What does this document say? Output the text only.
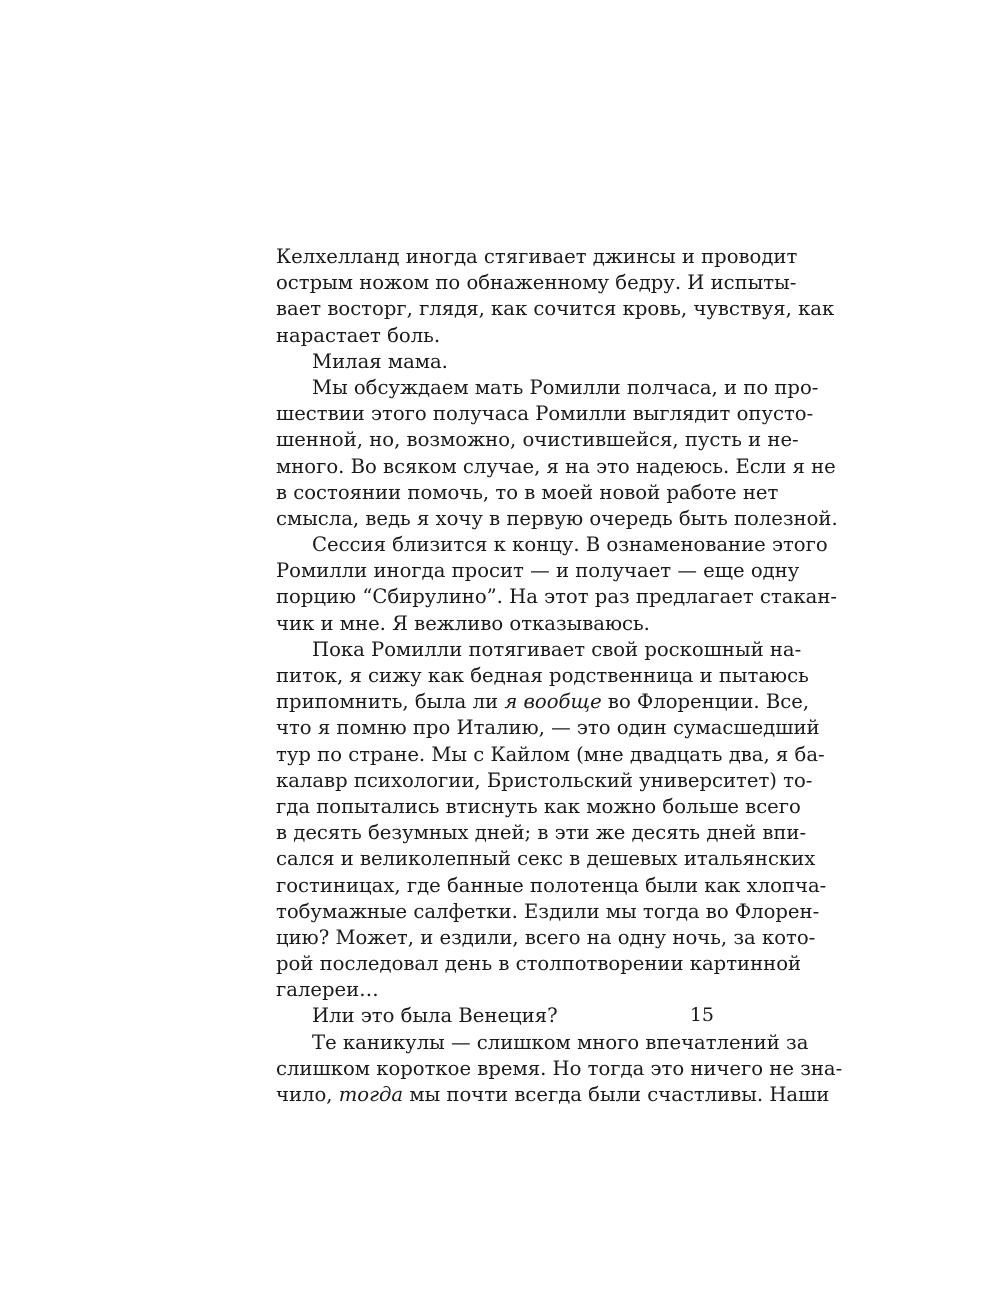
Келхелланд иногда стягивает джинсы и проводит
острым ножом по обнаженному бедру. И испыты-
вает восторг, глядя, как сочится кровь, чувствуя, как
нарастает боль.
Милая мама.
Мы обсуждаем мать Ромилли полчаса, и по про-
шествии этого получаса Ромилли выглядит опусто-
шенной, но, возможно, очистившейся, пусть и не-
много. Во всяком случае, я на это надеюсь. Если я не
в состоянии помочь, то в моей новой работе нет
смысла, ведь я хочу в первую очередь быть полезной.
Сессия близится к концу. В ознаменование этого
Ромилли иногда просит — и получает — еще одну
порцию “Сбирулино”. На этот раз предлагает стакан-
чик и мне. Я вежливо отказываюсь.
Пока Ромилли потягивает свой роскошный на-
питок, я сижу как бедная родственница и пытаюсь
припомнить, была ли я вообще во Флоренции. Все,
что я помню про Италию, — это один сумасшедший
тур по стране. Мы с Кайлом (мне двадцать два, я ба-
калавр психологии, Бристольский университет) то-
гда попытались втиснуть как можно больше всего
в десять безумных дней; в эти же десять дней впи-
сался и великолепный секс в дешевых итальянских
гостиницах, где банные полотенца были как хлопча-
тобумажные салфетки. Ездили мы тогда во Флорен-
цию? Может, и ездили, всего на одну ночь, за кото-
рой последовал день в столпотворении картинной
галереи…
Или это была Венеция?
Те каникулы — слишком много впечатлений за
слишком короткое время. Но тогда это ничего не зна-
чило, тогда мы почти всегда были счастливы. Наши
15
